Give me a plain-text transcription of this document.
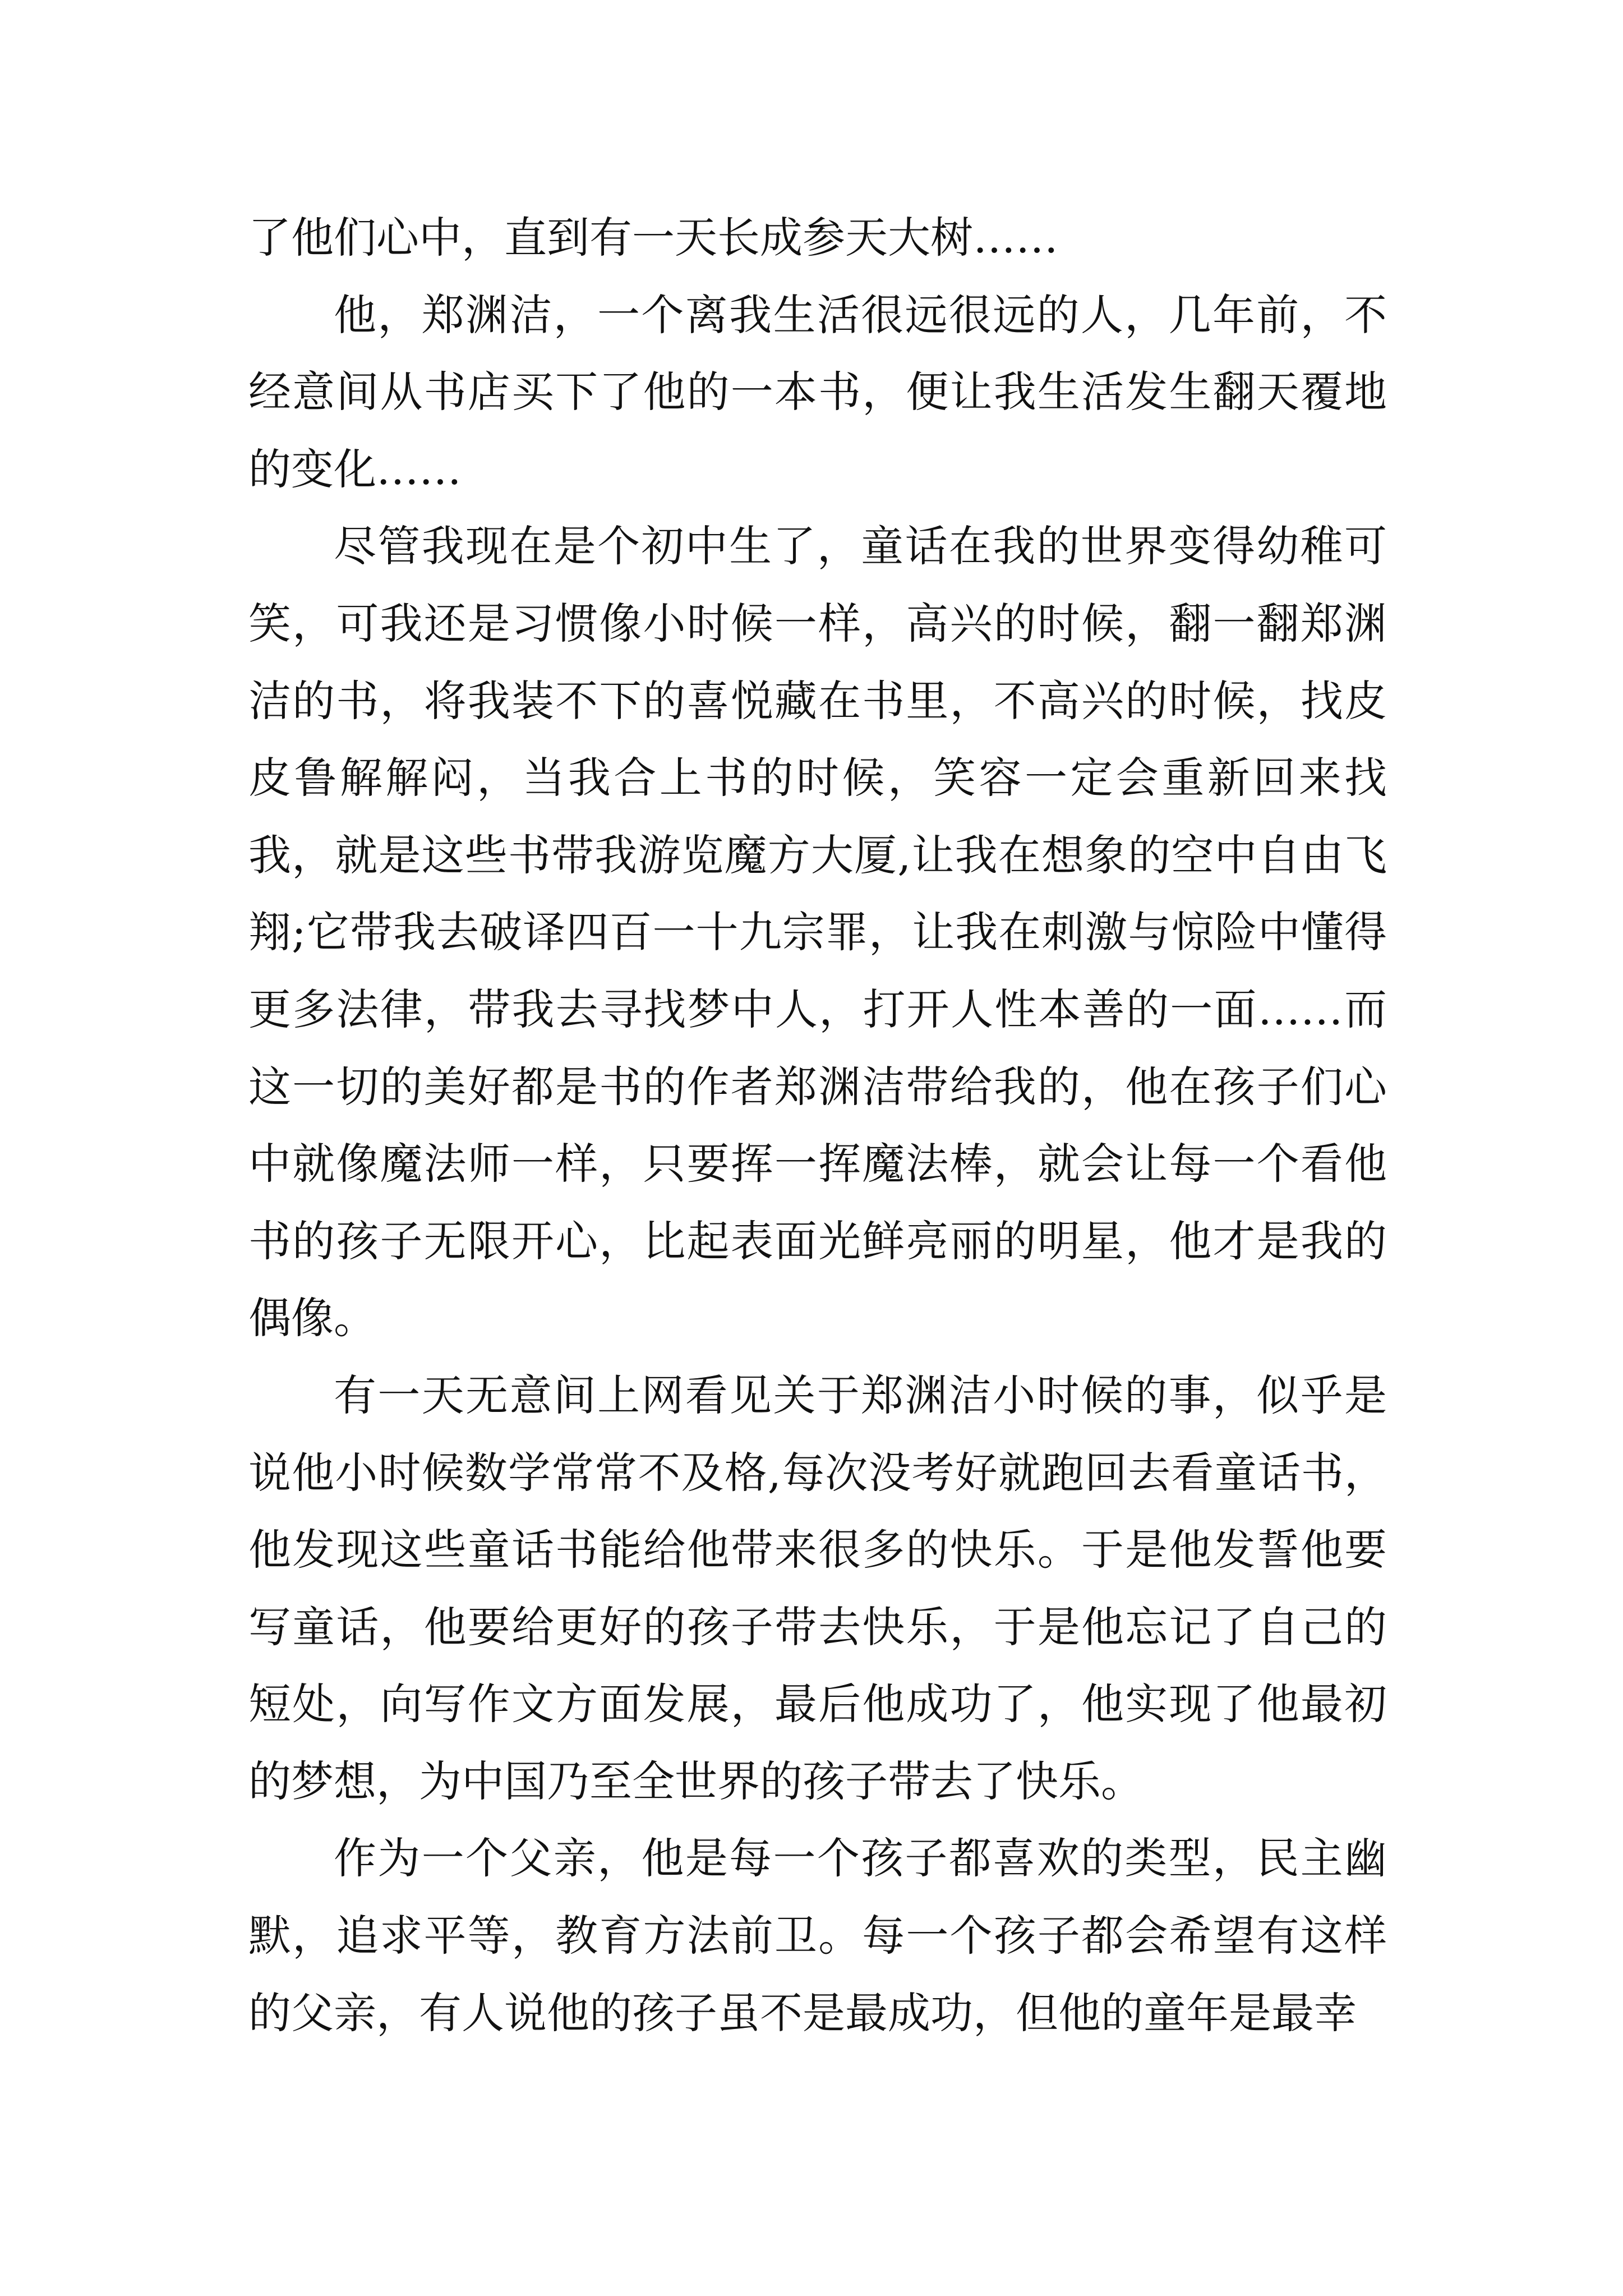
了他们心中，直到有一天长成参天大树……

他，郑渊洁，一个离我生活很远很远的人，几年前，不经意间从书店买下了他的一本书，便让我生活发生翻天覆地的变化……

尽管我现在是个初中生了，童话在我的世界变得幼稚可笑，可我还是习惯像小时候一样，高兴的时候，翻一翻郑渊洁的书，将我装不下的喜悦藏在书里，不高兴的时候，找皮皮鲁解解闷，当我合上书的时候，笑容一定会重新回来找我，就是这些书带我游览魔方大厦,让我在想象的空中自由飞翔;它带我去破译四百一十九宗罪，让我在刺激与惊险中懂得更多法律，带我去寻找梦中人，打开人性本善的一面……而这一切的美好都是书的作者郑渊洁带给我的，他在孩子们心中就像魔法师一样，只要挥一挥魔法棒，就会让每一个看他书的孩子无限开心，比起表面光鲜亮丽的明星，他才是我的偶像。

有一天无意间上网看见关于郑渊洁小时候的事，似乎是说他小时候数学常常不及格,每次没考好就跑回去看童话书，他发现这些童话书能给他带来很多的快乐。于是他发誓他要写童话，他要给更好的孩子带去快乐，于是他忘记了自己的短处，向写作文方面发展，最后他成功了，他实现了他最初的梦想，为中国乃至全世界的孩子带去了快乐。

作为一个父亲，他是每一个孩子都喜欢的类型，民主幽默，追求平等，教育方法前卫。每一个孩子都会希望有这样的父亲，有人说他的孩子虽不是最成功，但他的童年是最幸
